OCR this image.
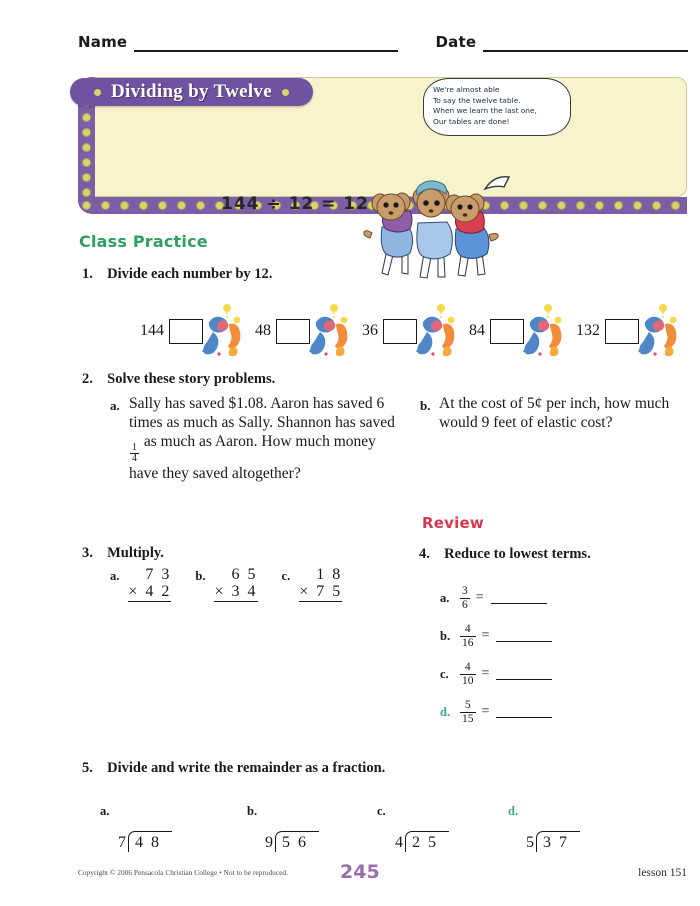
Name	Date
Dividing by Twelve
144 ÷ 12 = 12

We're almost able

To say the twelve table.

When we learn the last one,

Our tables are done!

Class Practice
1. Divide each number by 12.
144	48	36	84	132
2. Solve these story problems.
a. Sally has saved $1.08. Aaron has saved 6 times as much as Sally. Shannon has saved
$\frac{1}{4}$
as much as Aaron. How much money have they saved altogether?
b. At the cost of 5¢ per inch, how much would 9 feet of elastic cost?
Review
3. Multiply.
a.	7 3

× 4 2
b.	6 5

× 3 4
c.	1 8

× 7 5
4. Reduce to lowest terms.
a. $\frac{3}{6}$ =
b. $\frac{4}{16}$ =
c. $\frac{4}{10}$ =
d. $\frac{5}{15}$ =
5. Divide and write the remainder as a fraction.
a.
7 4 8
b.
9 5 6
c.
4 2 5
d.
5 3 7
Copyright © 2006 Pensacola Christian College • Not to be reproduced.	245	lesson 151
